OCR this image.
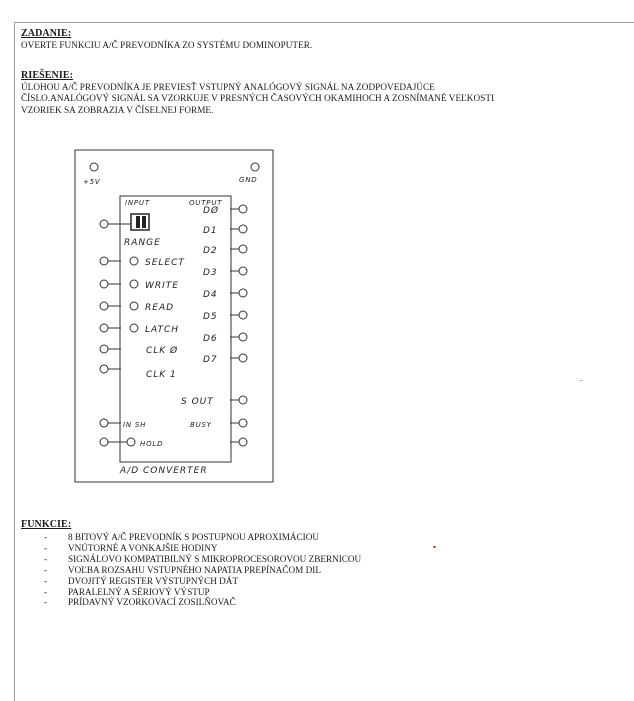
ZADANIE:
OVERTE FUNKCIU A/Č PREVODNÍKA ZO SYSTÉMU DOMINOPUTER.
RIEŠENIE:
ÚLOHOU A/Č PREVODNÍKA JE PREVIESŤ VSTUPNÝ ANALÓGOVÝ SIGNÁL NA ZODPOVEDAJÚCE
ČÍSLO.ANALÓGOVÝ SIGNÁL SA VZORKUJE V PRESNÝCH ČASOVÝCH OKAMIHOCH A ZOSNÍMANÉ VEĽKOSTI
VZORIEK SA ZOBRAZIA V ČÍSELNEJ FORME.
+5V	GND
INPUT	OUTPUT
RANGE
SELECT
WRITE
READ
LATCH
CLK Ø
CLK 1
DØ
D1
D2
D3
D4
D5
D6
D7
S OUT
IN SH	BUSY
HOLD
A/D CONVERTER
FUNKCIE:
- 8 BITOVÝ A/Č PREVODNÍK S POSTUPNOU APROXIMÁCIOU
- VNÚTORNÉ A VONKAJŠIE HODINY
- SIGNÁLOVO KOMPATIBILNÝ S MIKROPROCESOROVOU ZBERNICOU
- VOĽBA ROZSAHU VSTUPNÉHO NAPATIA PREPÍNAČOM DIL
- DVOJITÝ REGISTER VÝSTUPNÝCH DÁT
- PARALELNÝ A SÉRIOVÝ VÝSTUP
- PRÍDAVNÝ VZORKOVACÍ ZOSILŇOVAČ
